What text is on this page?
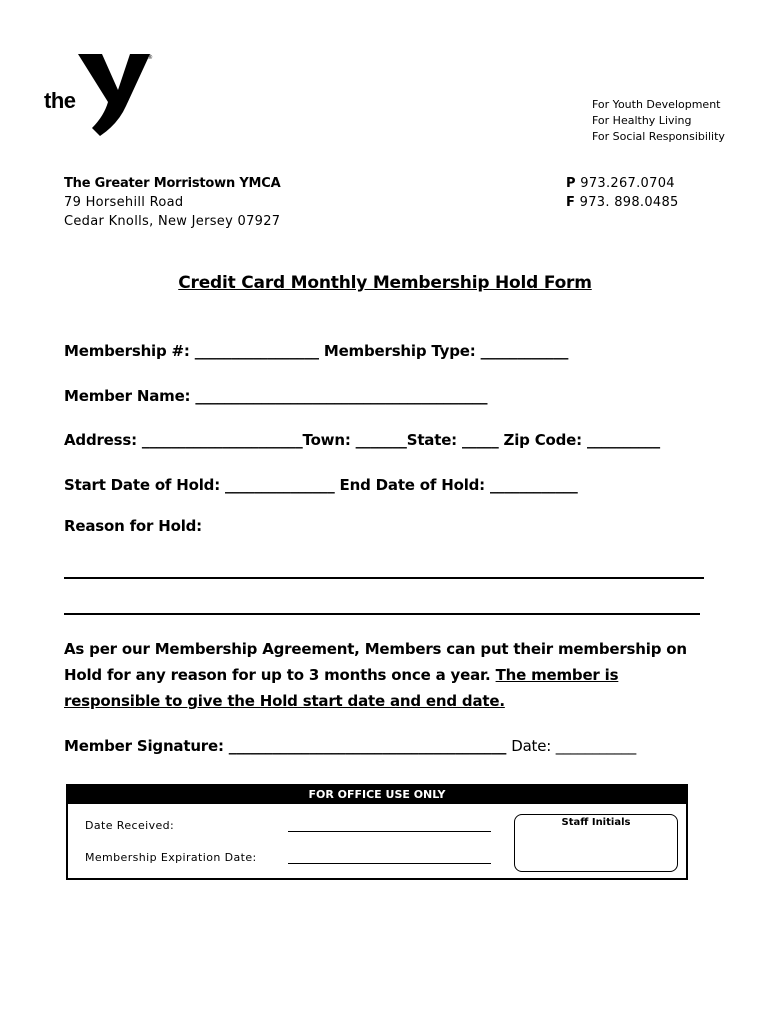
the	YMCA
®
For Youth Development
For Healthy Living
For Social Responsibility
The Greater Morristown YMCA
79 Horsehill Road
Cedar Knolls, New Jersey 07927
P 973.267.0704
F 973. 898.0485
Credit Card Monthly Membership Hold Form
Membership #: _________________ Membership Type: ____________
Member Name: ________________________________________
Address: ______________________Town: _______State: _____ Zip Code: __________
Start Date of Hold: _______________ End Date of Hold: ____________
Reason for Hold:
As per our Membership Agreement, Members can put their membership on Hold for any reason for up to 3 months once a year. The member is responsible to give the Hold start date and end date.
Member Signature: ______________________________________ Date: ___________
FOR OFFICE USE ONLY
Date Received:
Membership Expiration Date:
Staff Initials
